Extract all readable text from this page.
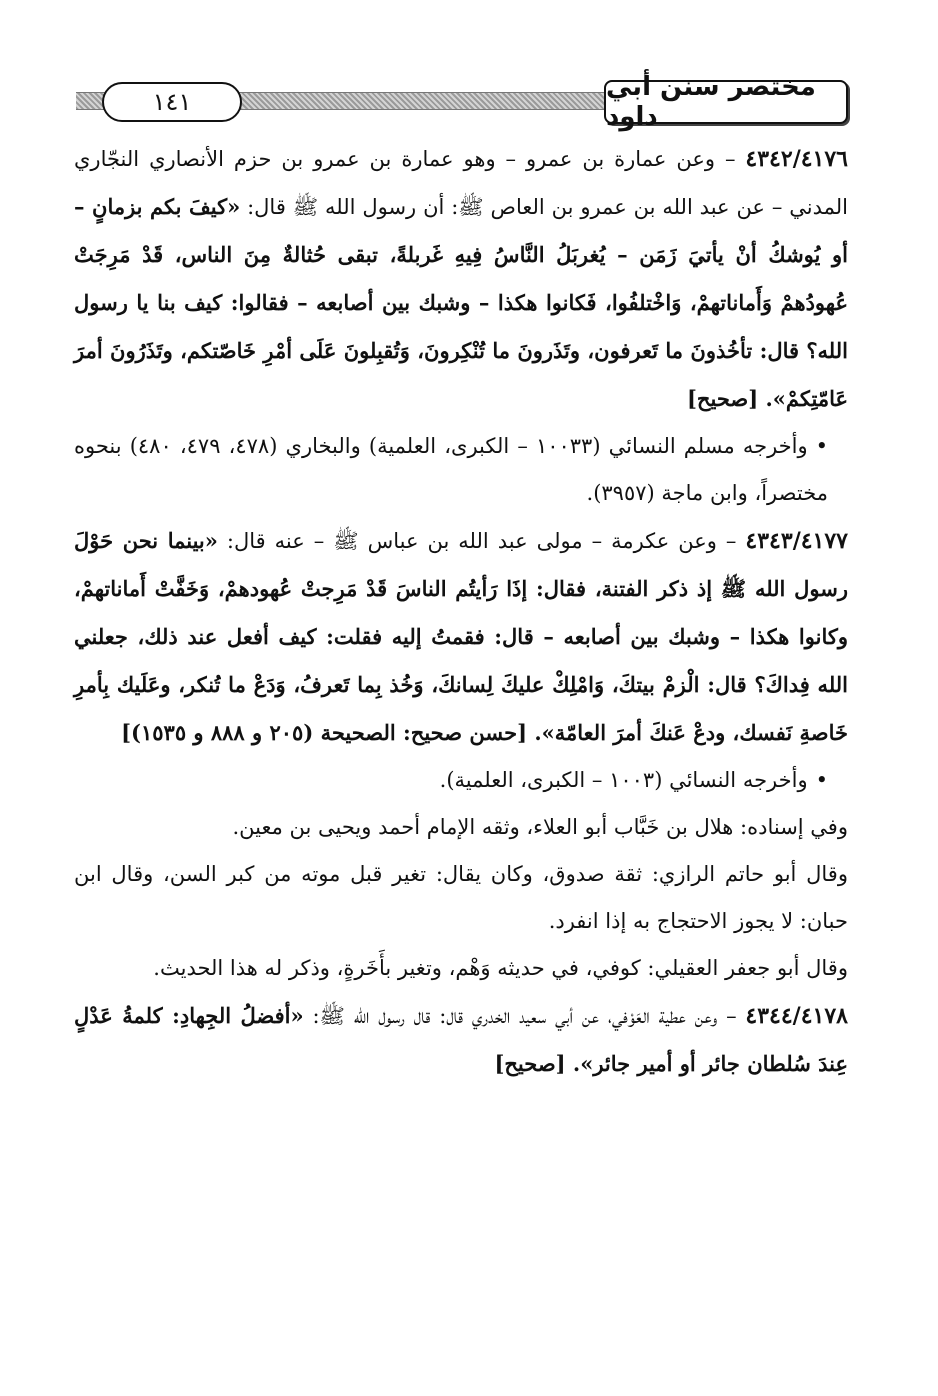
مختصر سنن أبي داود
١٤١

٤٣٤٢/٤١٧٦ – وعن عمارة بن عمرو – وهو عمارة بن عمرو بن حزم الأنصاري النجّاري المدني – عن عبد الله بن عمرو بن العاص ﷺ: أن رسول الله ﷺ قال: «كيفَ بكم بزمانٍ – أو يُوشكُ أنْ يأتيَ زَمَن – يُغربَلُ النَّاسُ فِيهِ غَربلةً، تبقى حُثالةٌ مِنَ الناس، قَدْ مَرِجَتْ عُهودُهمْ وَأَماناتهمْ، وَاخْتلفُوا، فَكانوا هكذا – وشبك بين أصابعه – فقالوا: كيف بنا يا رسول الله؟ قال: تأخُذونَ ما تَعرفون، وتَذَرونَ ما تُنْكِرونَ، وَتُقبِلونَ عَلَى أمْرِ خَاصّتكم، وتَذَرُونَ أمرَ عَامّتِكمْ». [صحيح]

•وأخرجه مسلم النسائي (١٠٠٣٣ – الكبرى، العلمية) والبخاري (٤٧٨، ٤٧٩، ٤٨٠) بنحوه مختصراً، وابن ماجة (٣٩٥٧).

٤٣٤٣/٤١٧٧ – وعن عكرمة – مولى عبد الله بن عباس ﷺ – عنه قال: «بينما نحن حَوْلَ رسول الله ﷺ إذ ذكر الفتنة، فقال: إذَا رَأيتُم الناسَ قَدْ مَرِجتْ عُهودهمْ، وَخَفَّتْ أَماناتهمْ، وكانوا هكذا – وشبك بين أصابعه – قال: فقمتُ إليه فقلت: كيف أفعل عند ذلك، جعلني الله فِداكَ؟ قال: الْزمْ بيتكَ، وَامْلِكْ عليكَ لِسانكَ، وَخُذ بِما تَعرفُ، وَدَعْ ما تُنكر، وعَلَيك بِأمرِ خَاصةِ نَفسك، ودعْ عَنكَ أمرَ العامّة». [حسن صحيح: الصحيحة (٢٠٥ و ٨٨٨ و ١٥٣٥)]

•وأخرجه النسائي (١٠٠٣ – الكبرى، العلمية).

وفي إسناده: هلال بن خَبَّاب أبو العلاء، وثقه الإمام أحمد ويحيى بن معين.

وقال أبو حاتم الرازي: ثقة صدوق، وكان يقال: تغير قبل موته من كبر السن، وقال ابن حبان: لا يجوز الاحتجاج به إذا انفرد.

وقال أبو جعفر العقيلي: كوفي، في حديثه وَهْم، وتغير بأَخَرةٍ، وذكر له هذا الحديث.

٤٣٤٤/٤١٧٨ – وعن عطية العَوْفي، عن أبي سعيد الخدري قال: قال رسول الله ﷺ: «أفضلُ الجِهادِ: كلمةُ عَدْلٍ عِندَ سُلطان جائر أو أمير جائر». [صحيح]
